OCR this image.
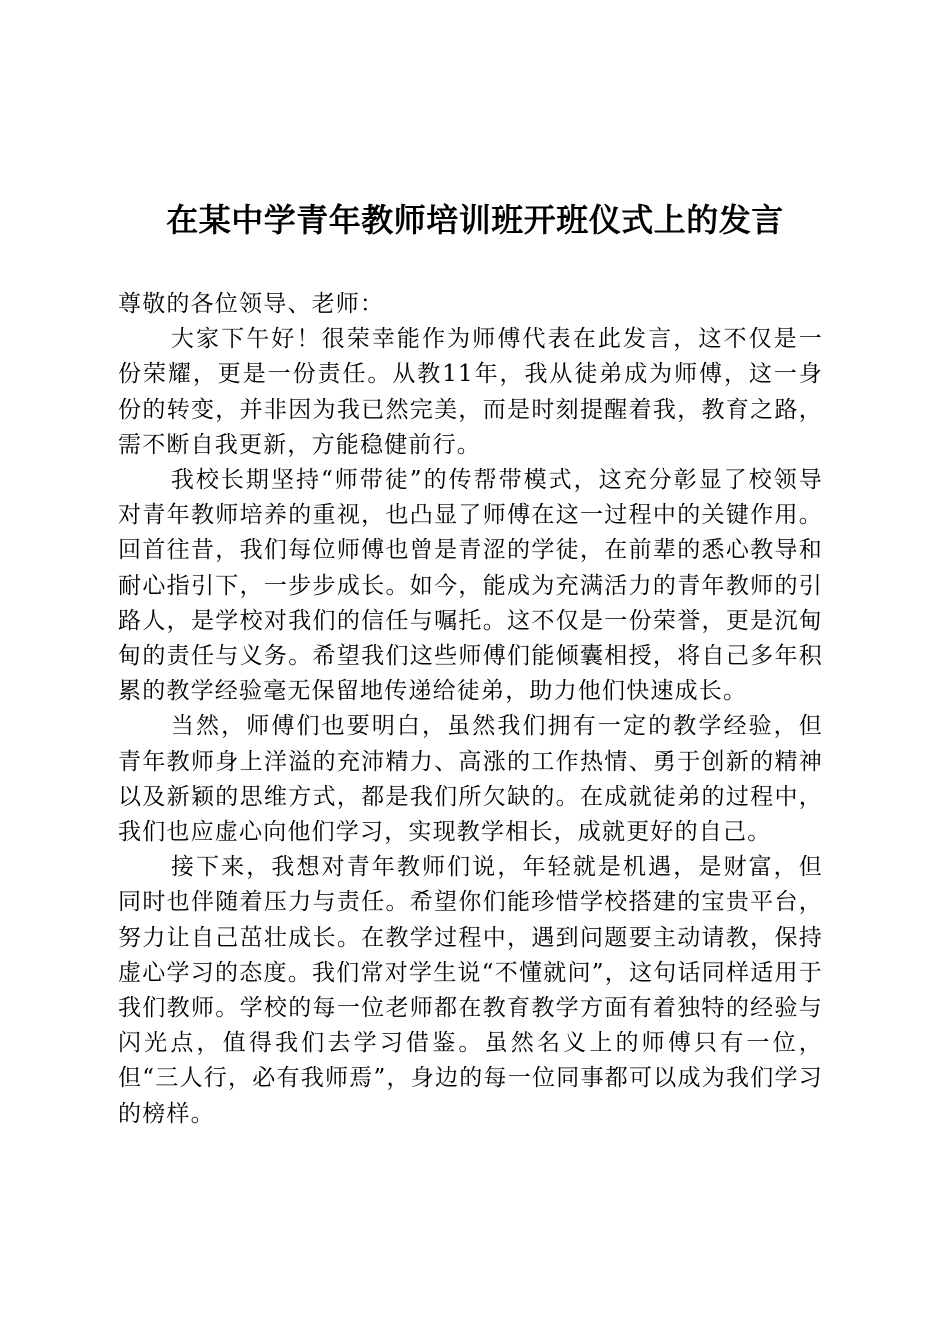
在某中学青年教师培训班开班仪式上的发言

尊敬的各位领导、老师：

大家下午好！很荣幸能作为师傅代表在此发言，这不仅是一份荣耀，更是一份责任。从教11年，我从徒弟成为师傅，这一身份的转变，并非因为我已然完美，而是时刻提醒着我，教育之路，需不断自我更新，方能稳健前行。

我校长期坚持“师带徒”的传帮带模式，这充分彰显了校领导对青年教师培养的重视，也凸显了师傅在这一过程中的关键作用。回首往昔，我们每位师傅也曾是青涩的学徒，在前辈的悉心教导和耐心指引下，一步步成长。如今，能成为充满活力的青年教师的引路人，是学校对我们的信任与嘱托。这不仅是一份荣誉，更是沉甸甸的责任与义务。希望我们这些师傅们能倾囊相授，将自己多年积累的教学经验毫无保留地传递给徒弟，助力他们快速成长。

当然，师傅们也要明白，虽然我们拥有一定的教学经验，但青年教师身上洋溢的充沛精力、高涨的工作热情、勇于创新的精神以及新颖的思维方式，都是我们所欠缺的。在成就徒弟的过程中，我们也应虚心向他们学习，实现教学相长，成就更好的自己。

接下来，我想对青年教师们说，年轻就是机遇，是财富，但同时也伴随着压力与责任。希望你们能珍惜学校搭建的宝贵平台，努力让自己茁壮成长。在教学过程中，遇到问题要主动请教，保持虚心学习的态度。我们常对学生说“不懂就问”，这句话同样适用于我们教师。学校的每一位老师都在教育教学方面有着独特的经验与闪光点，值得我们去学习借鉴。虽然名义上的师傅只有一位，但“三人行，必有我师焉”，身边的每一位同事都可以成为我们学习的榜样。
